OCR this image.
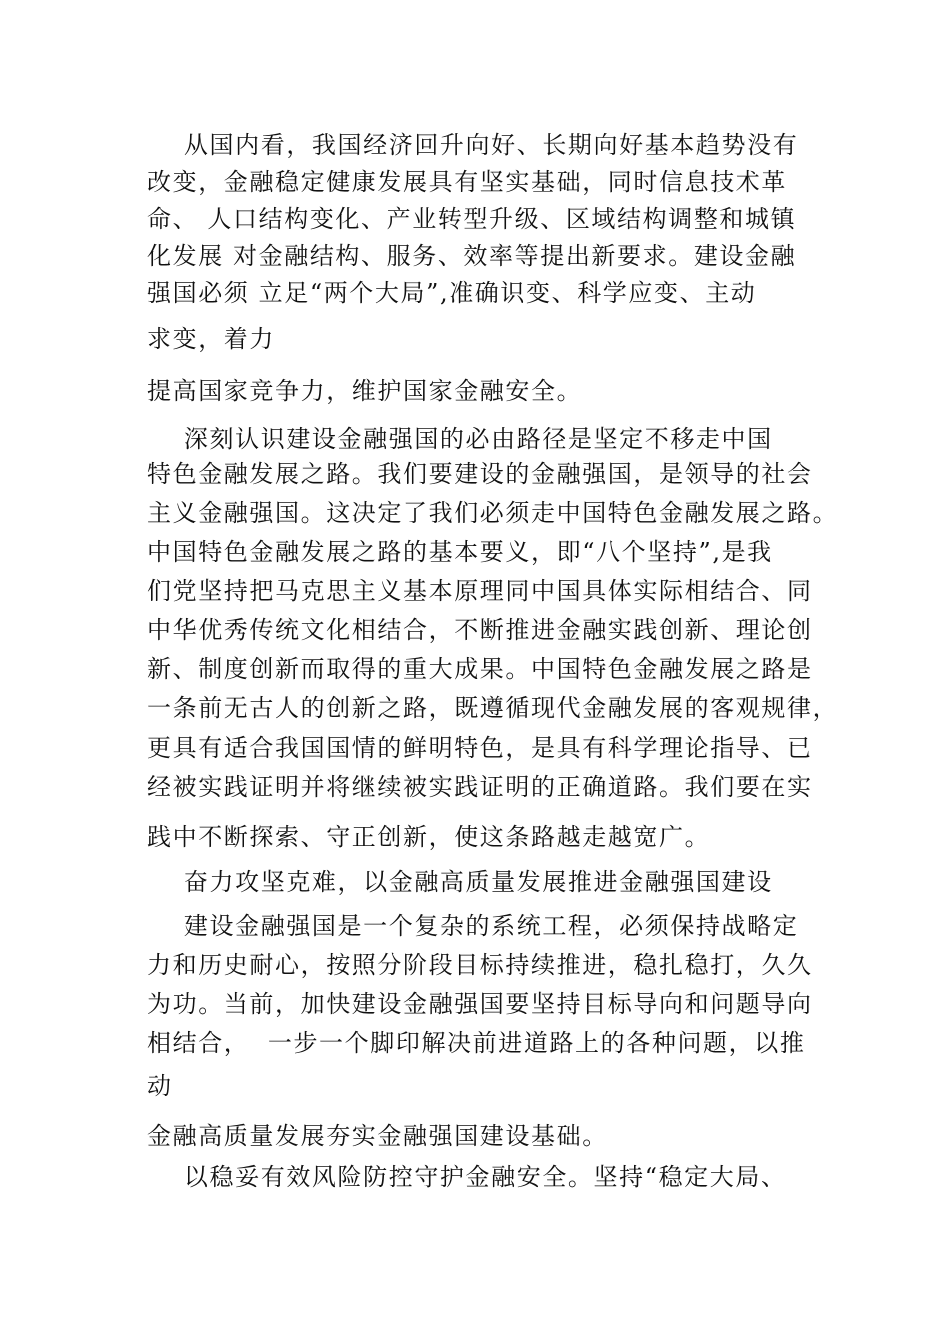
从国内看，我国经济回升向好、长期向好基本趋势没有
改变，金融稳定健康发展具有坚实基础，同时信息技术革
命、 人口结构变化、产业转型升级、区域结构调整和城镇
化发展 对金融结构、服务、效率等提出新要求。建设金融
强国必须 立足“两个大局”,准确识变、科学应变、主动
求变，着力
提高国家竞争力，维护国家金融安全。
深刻认识建设金融强国的必由路径是坚定不移走中国
特色金融发展之路。我们要建设的金融强国，是领导的社会
主义金融强国。这决定了我们必须走中国特色金融发展之路。
中国特色金融发展之路的基本要义，即“八个坚持”,是我
们党坚持把马克思主义基本原理同中国具体实际相结合、同
中华优秀传统文化相结合，不断推进金融实践创新、理论创
新、制度创新而取得的重大成果。中国特色金融发展之路是
一条前无古人的创新之路，既遵循现代金融发展的客观规律，
更具有适合我国国情的鲜明特色，是具有科学理论指导、已
经被实践证明并将继续被实践证明的正确道路。我们要在实
践中不断探索、守正创新，使这条路越走越宽广。
奋力攻坚克难，以金融高质量发展推进金融强国建设
建设金融强国是一个复杂的系统工程，必须保持战略定
力和历史耐心，按照分阶段目标持续推进，稳扎稳打，久久
为功。当前，加快建设金融强国要坚持目标导向和问题导向
相结合，  一步一个脚印解决前进道路上的各种问题，以推
动
金融高质量发展夯实金融强国建设基础。
以稳妥有效风险防控守护金融安全。坚持“稳定大局、
